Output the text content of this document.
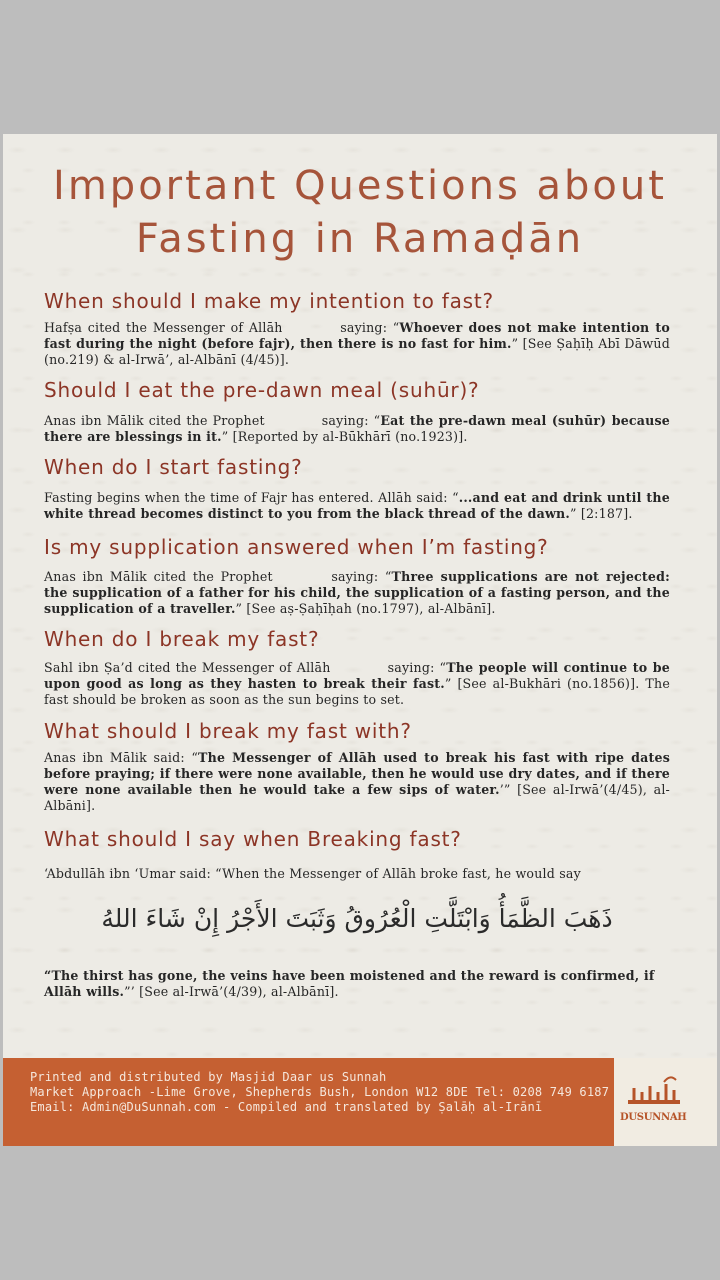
Important Questions about
Fasting in Ramaḍān
When should I make my intention to fast?

Hafṣa cited the Messenger of Allāh	saying: “Whoever does not make intention to fast during the night (before fajr), then there is no fast for him.” [See Ṣaḥīḥ Abī Dāwūd (no.219) & al-Irwā’, al-Albānī (4/45)].

Should I eat the pre-dawn meal (suhūr)?

Anas ibn Mālik cited the Prophet	saying: “Eat the pre-dawn meal (suhūr) because there are blessings in it.” [Reported by al-Būkhārī (no.1923)].

When do I start fasting?

Fasting begins when the time of Fajr has entered. Allāh said: “...and eat and drink until the white thread becomes distinct to you from the black thread of the dawn.” [2:187].

Is my supplication answered when I’m fasting?

Anas ibn Mālik cited the Prophet	saying: “Three supplications are not rejected: the supplication of a father for his child, the supplication of a fasting person, and the supplication of a traveller.” [See aṣ-Ṣaḥīḥah (no.1797), al-Albānī].

When do I break my fast?

Sahl ibn Ṣa’d cited the Messenger of Allāh	saying: “The people will continue to be upon good as long as they hasten to break their fast.” [See al-Bukhāri (no.1856)]. The fast should be broken as soon as the sun begins to set.

What should I break my fast with?

Anas ibn Mālik said: “The Messenger of Allāh used to break his fast with ripe dates before praying; if there were none available, then he would use dry dates, and if there were none available then he would take a few sips of water.’” [See al-Irwā’(4/45), al-Albāni].

What should I say when Breaking fast?

‘Abdullāh ibn ‘Umar said: “When the Messenger of Allāh broke fast, he would say

ذَهَبَ الظَّمَأُ وَابْتَلَّتِ الْعُرُوقُ وَثَبَتَ الأَجْرُ إِنْ شَاءَ اللهُ

“The thirst has gone, the veins have been moistened and the reward is confirmed, if Allāh wills.”’ [See al-Irwā’(4/39), al-Albānī].

Printed and distributed by Masjid Daar us Sunnah
Market Approach -Lime Grove, Shepherds Bush, London W12 8DE Tel: 0208 749 6187
Email: Admin@DuSunnah.com - Compiled and translated by Ṣalāḥ al-Irānī
DUSUNNAH
